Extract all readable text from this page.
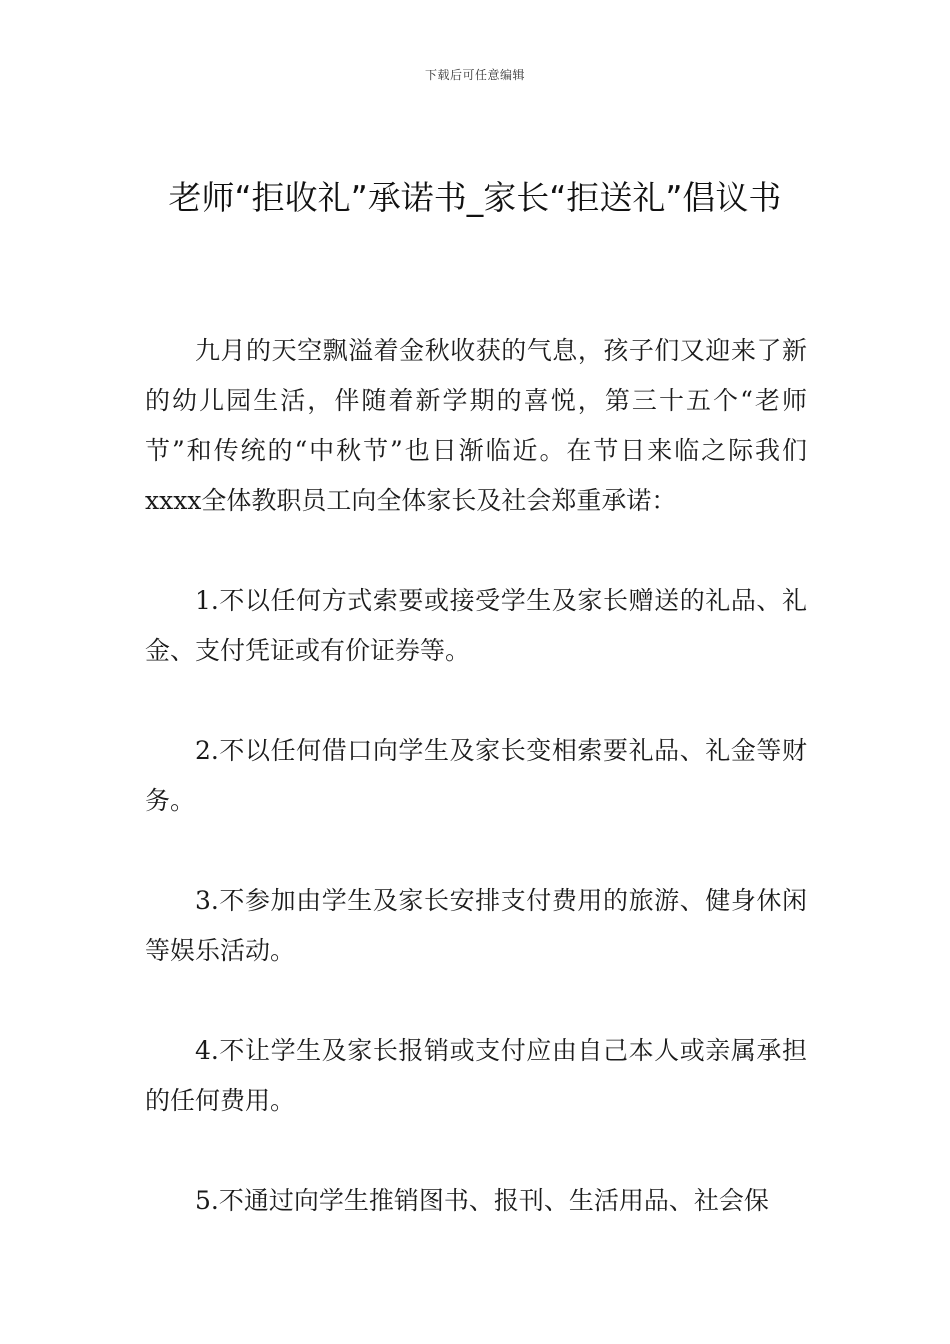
下载后可任意编辑
老师“拒收礼”承诺书_家长“拒送礼”倡议书

九月的天空飘溢着金秋收获的气息，孩子们又迎来了新的幼儿园生活，伴随着新学期的喜悦，第三十五个“老师节”和传统的“中秋节”也日渐临近。在节日来临之际我们xxxx全体教职员工向全体家长及社会郑重承诺：

1.不以任何方式索要或接受学生及家长赠送的礼品、礼金、支付凭证或有价证券等。

2.不以任何借口向学生及家长变相索要礼品、礼金等财务。

3.不参加由学生及家长安排支付费用的旅游、健身休闲等娱乐活动。

4.不让学生及家长报销或支付应由自己本人或亲属承担的任何费用。

5.不通过向学生推销图书、报刊、生活用品、社会保
